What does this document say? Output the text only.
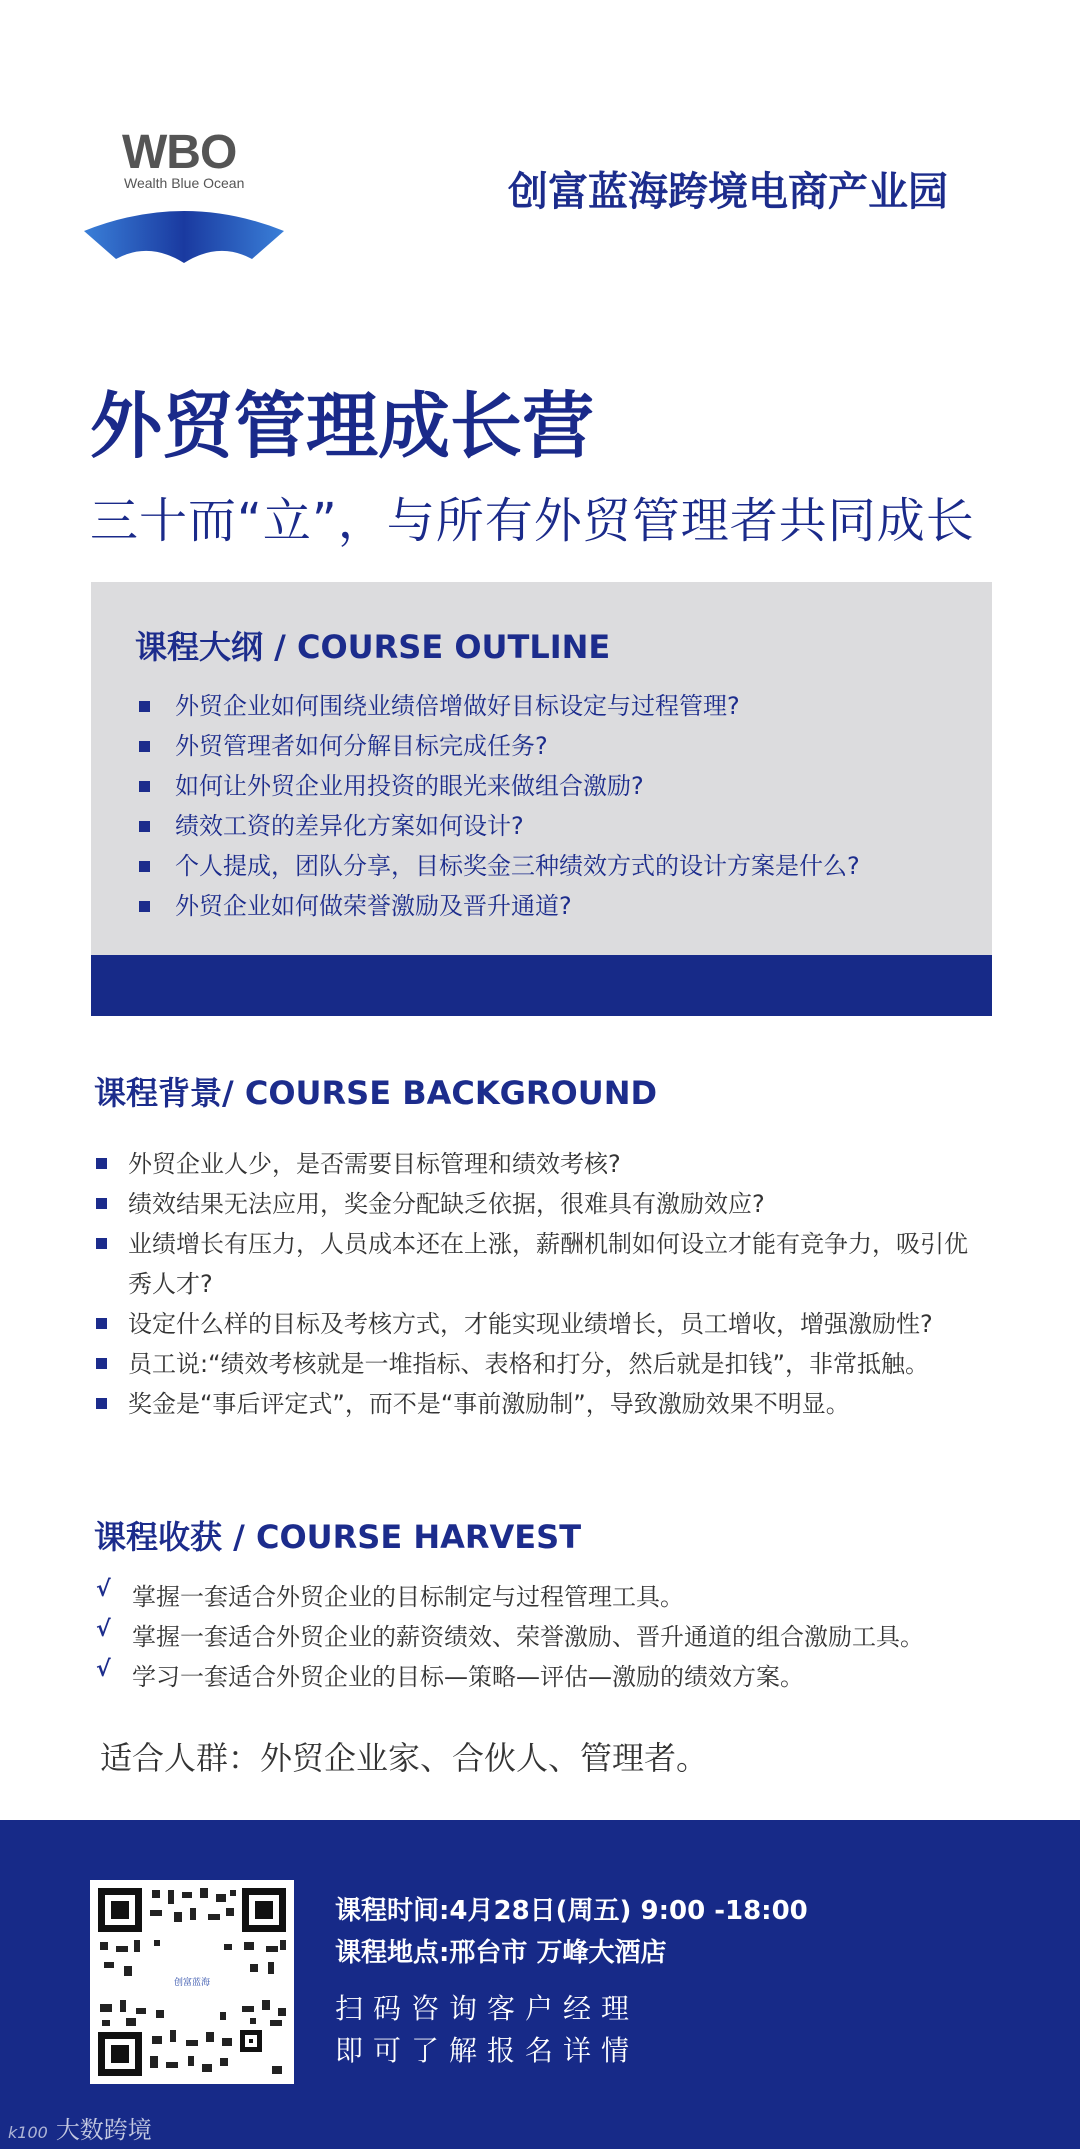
WBO
Wealth Blue Ocean	创富蓝海跨境电商产业园
外贸管理成长营
三十而“立”，与所有外贸管理者共同成长
课程大纲 / COURSE OUTLINE
外贸企业如何围绕业绩倍增做好目标设定与过程管理?
外贸管理者如何分解目标完成任务?
如何让外贸企业用投资的眼光来做组合激励?
绩效工资的差异化方案如何设计?
个人提成，团队分享，目标奖金三种绩效方式的设计方案是什么?
外贸企业如何做荣誉激励及晋升通道?
课程背景/ COURSE BACKGROUND
外贸企业人少，是否需要目标管理和绩效考核?
绩效结果无法应用，奖金分配缺乏依据，很难具有激励效应?
业绩增长有压力，人员成本还在上涨，薪酬机制如何设立才能有竞争力，吸引优秀人才?
设定什么样的目标及考核方式，才能实现业绩增长，员工增收，增强激励性?
员工说:“绩效考核就是一堆指标、表格和打分，然后就是扣钱”，非常抵触。
奖金是“事后评定式”，而不是“事前激励制”，导致激励效果不明显。
课程收获 / COURSE HARVEST
√ 掌握一套适合外贸企业的目标制定与过程管理工具。
√ 掌握一套适合外贸企业的薪资绩效、荣誉激励、晋升通道的组合激励工具。
√ 学习一套适合外贸企业的目标—策略—评估—激励的绩效方案。
适合人群：外贸企业家、合伙人、管理者。
创富蓝海
课程时间:4月28日(周五) 9:00 -18:00
课程地点:邢台市 万峰大酒店
扫码咨询客户经理
即可了解报名详情
k100 大数跨境
